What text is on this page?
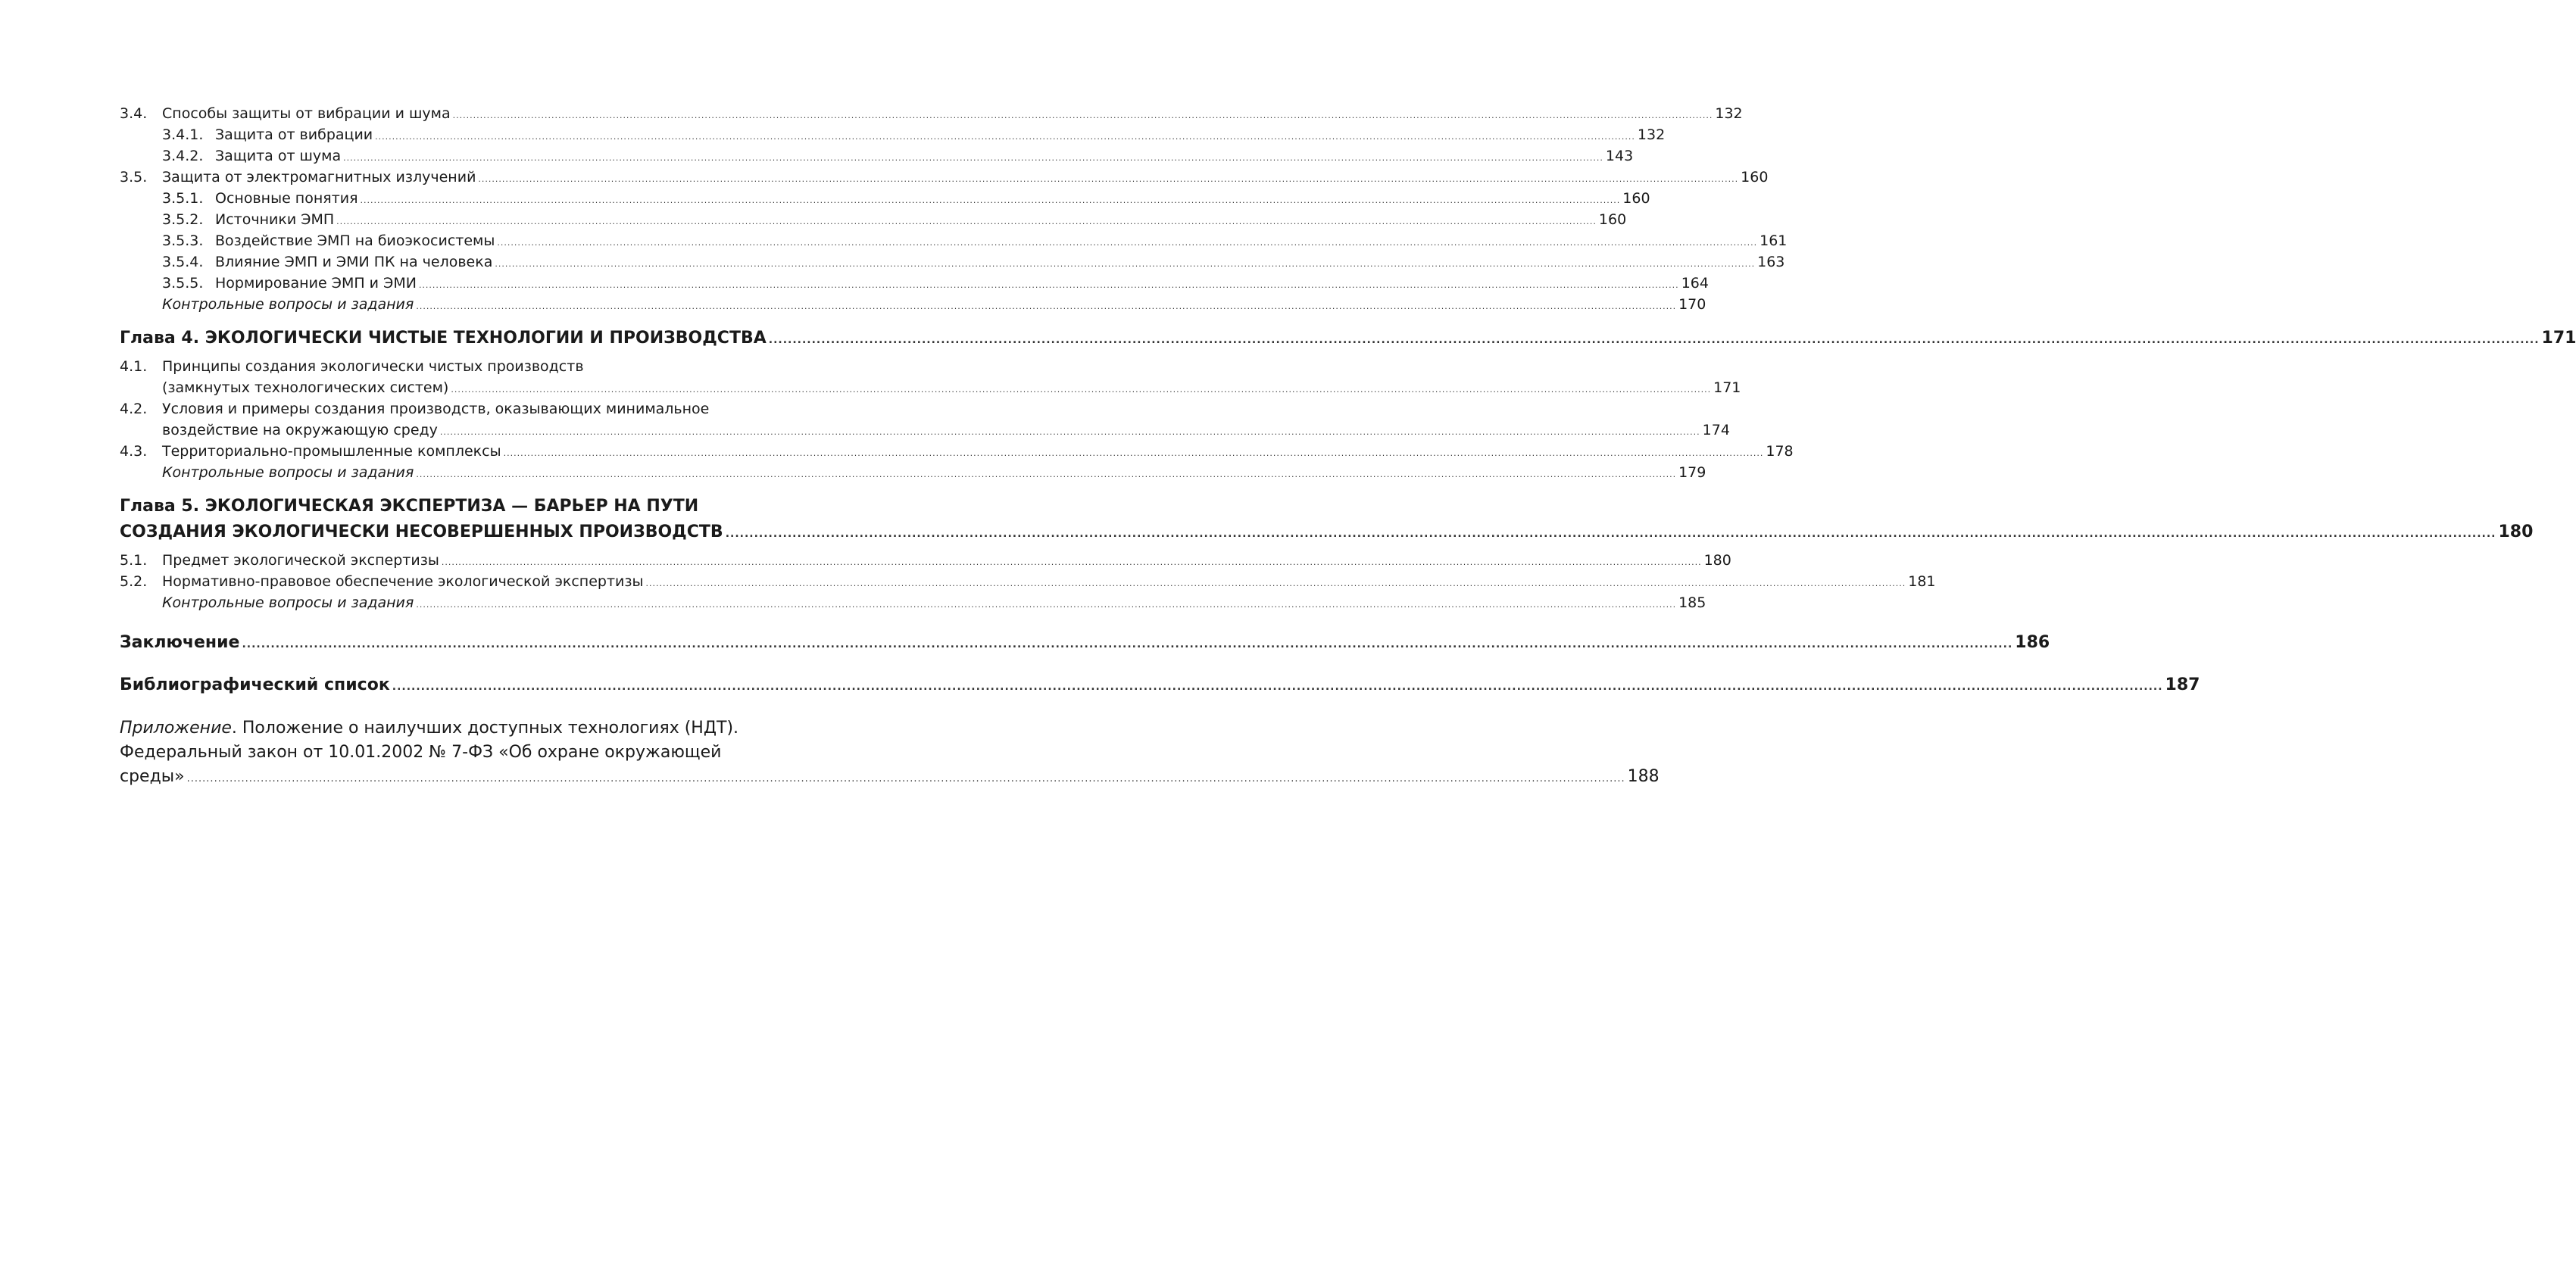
3.4.	Способы защиты от вибрации и шума .....	132
3.4.1. Защита от вибрации .....	132
3.4.2. Защита от шума .....	143
3.5.	Защита от электромагнитных излучений .....	160
3.5.1. Основные понятия .....	160
3.5.2. Источники ЭМП .....	160
3.5.3. Воздействие ЭМП на биоэкосистемы .....	161
3.5.4. Влияние ЭМП и ЭМИ ПК на человека .....	163
3.5.5. Нормирование ЭМП и ЭМИ .....	164
Контрольные вопросы и задания .....	170
Глава 4. ЭКОЛОГИЧЕСКИ ЧИСТЫЕ ТЕХНОЛОГИИ И ПРОИЗВОДСТВА .....	171
4.1.	Принципы создания экологически чистых производств
(замкнутых технологических систем) .....	171
4.2.	Условия и примеры создания производств, оказывающих минимальное
воздействие на окружающую среду .....	174
4.3.	Территориально-промышленные комплексы .....	178
Контрольные вопросы и задания .....	179
Глава 5. ЭКОЛОГИЧЕСКАЯ ЭКСПЕРТИЗА — БАРЬЕР НА ПУТИ
СОЗДАНИЯ ЭКОЛОГИЧЕСКИ НЕСОВЕРШЕННЫХ ПРОИЗВОДСТВ .....	180
5.1.	Предмет экологической экспертизы .....	180
5.2.	Нормативно-правовое обеспечение экологической экспертизы .....	181
Контрольные вопросы и задания .....	185
Заключение .....	186
Библиографический список .....	187
Приложение. Положение о наилучших доступных технологиях (НДТ).
Федеральный закон от 10.01.2002 № 7-ФЗ «Об охране окружающей
среды» .....	188
